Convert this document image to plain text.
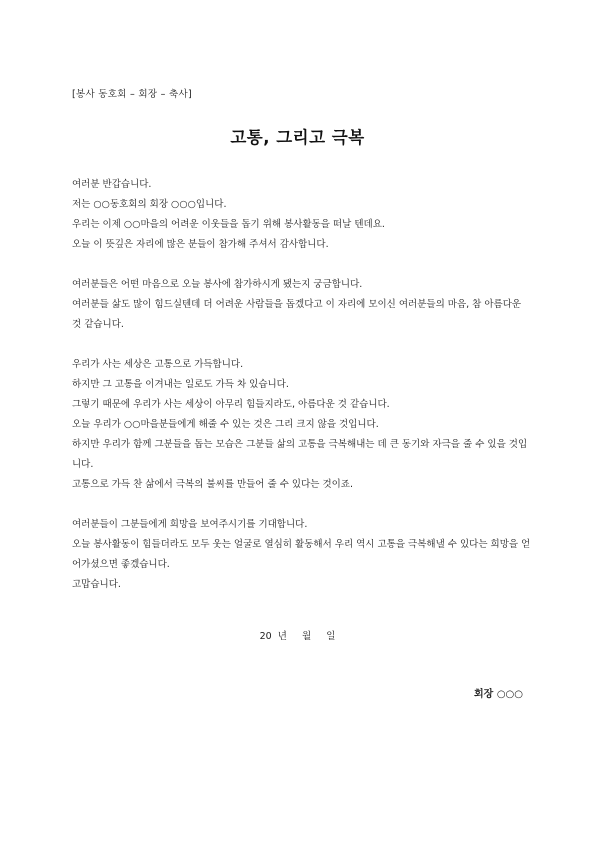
[봉사 동호회 – 회장 – 축사]
고통, 그리고 극복
여러분 반갑습니다.
저는 ○○동호회의 회장 ○○○입니다.
우리는 이제 ○○마을의 어려운 이웃들을 돕기 위해 봉사활동을 떠날 텐데요.
오늘 이 뜻깊은 자리에 많은 분들이 참가해 주셔서 감사합니다.
여러분들은 어떤 마음으로 오늘 봉사에 참가하시게 됐는지 궁금합니다.
여러분들 삶도 많이 힘드실텐데 더 어려운 사람들을 돕겠다고 이 자리에 모이신 여러분들의 마음, 참 아름다운 것 같습니다.
우리가 사는 세상은 고통으로 가득합니다.
하지만 그 고통을 이겨내는 일로도 가득 차 있습니다.
그렇기 때문에 우리가 사는 세상이 아무리 힘들지라도, 아름다운 것 같습니다.
오늘 우리가 ○○마을분들에게 해줄 수 있는 것은 그리 크지 않을 것입니다.
하지만 우리가 함께 그분들을 돕는 모습은 그분들 삶의 고통을 극복해내는 데 큰 동기와 자극을 줄 수 있을 것입니다.
고통으로 가득 찬 삶에서 극복의 불씨를 만들어 줄 수 있다는 것이죠.
여러분들이 그분들에게 희망을 보여주시기를 기대합니다.
오늘 봉사활동이 힘들더라도 모두 웃는 얼굴로 열심히 활동해서 우리 역시 고통을 극복해낼 수 있다는 희망을 얻어가셨으면 좋겠습니다.
고맙습니다.
20  년     월     일
회장 ○○○
